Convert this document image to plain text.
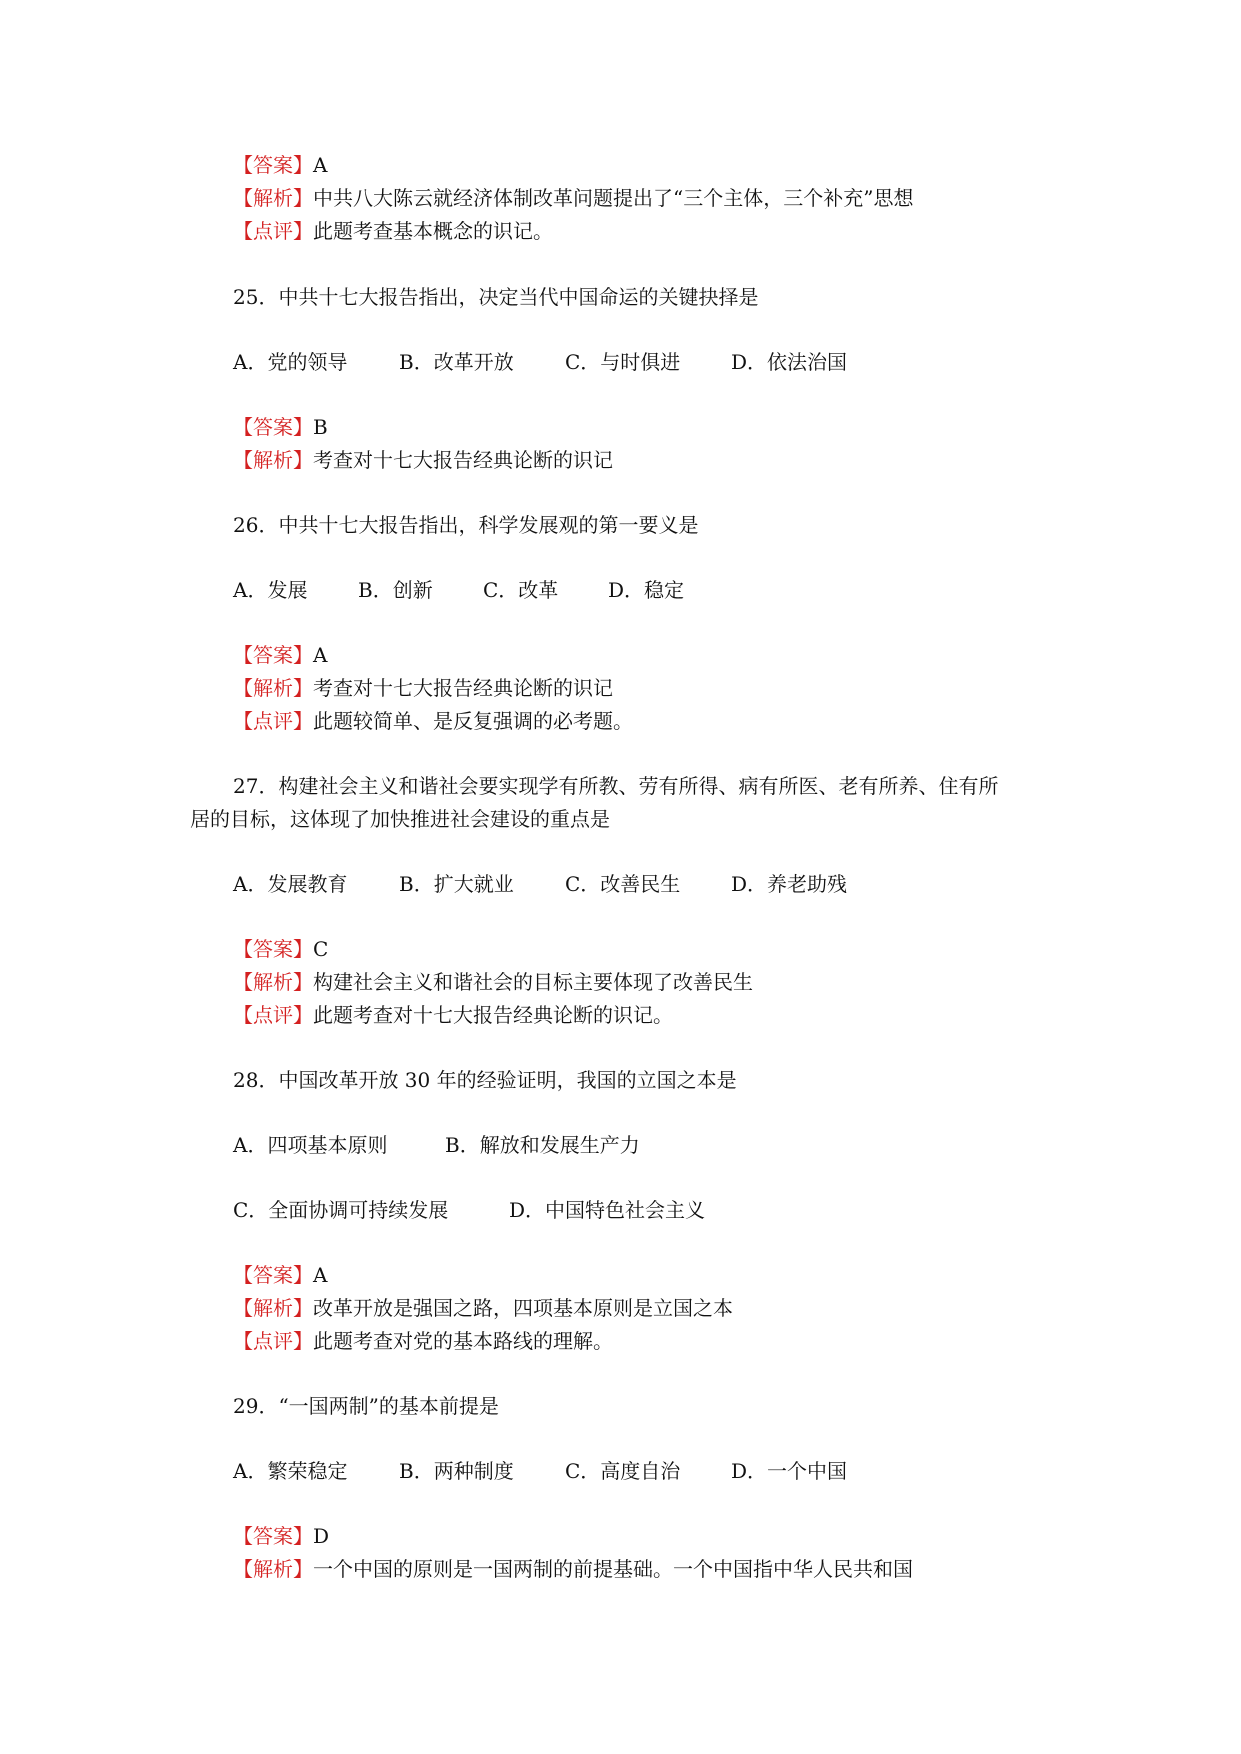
【答案】A
【解析】中共八大陈云就经济体制改革问题提出了“三个主体，三个补充”思想
【点评】此题考查基本概念的识记。
25．中共十七大报告指出，决定当代中国命运的关键抉择是
A．党的领导	B．改革开放	C．与时俱进	D．依法治国
【答案】B
【解析】考查对十七大报告经典论断的识记
26．中共十七大报告指出，科学发展观的第一要义是
A．发展	B．创新	C．改革 D．稳定
【答案】A
【解析】考查对十七大报告经典论断的识记
【点评】此题较简单、是反复强调的必考题。
27．构建社会主义和谐社会要实现学有所教、劳有所得、病有所医、老有所养、住有所
居的目标，这体现了加快推进社会建设的重点是
A．发展教育	B．扩大就业	C．改善民生	D．养老助残
【答案】C
【解析】构建社会主义和谐社会的目标主要体现了改善民生
【点评】此题考查对十七大报告经典论断的识记。
28．中国改革开放 30 年的经验证明，我国的立国之本是
A．四项基本原则	B．解放和发展生产力
C．全面协调可持续发展	D．中国特色社会主义
【答案】A
【解析】改革开放是强国之路，四项基本原则是立国之本
【点评】此题考查对党的基本路线的理解。
29．“一国两制”的基本前提是
A．繁荣稳定	B．两种制度	C．高度自治	D．一个中国
【答案】D
【解析】一个中国的原则是一国两制的前提基础。一个中国指中华人民共和国
